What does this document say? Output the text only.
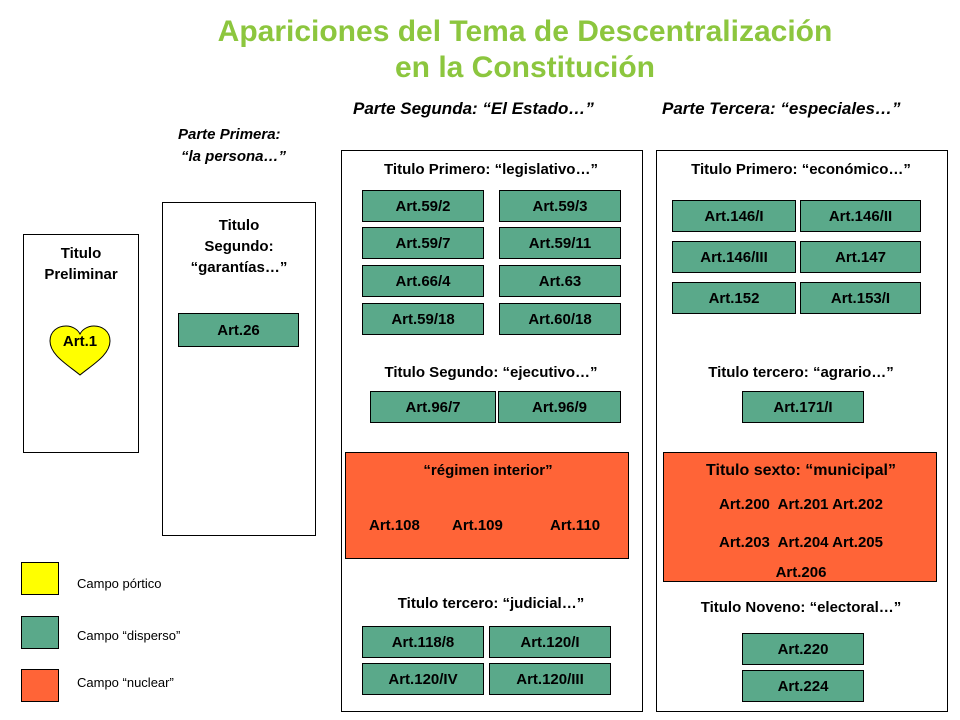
Apariciones del Tema de Descentralización
en la Constitución
Parte Segunda: “El Estado…”	Parte Tercera: “especiales…”
Parte Primera:
“la persona…”
Titulo
Preliminar
Art.1
Titulo
Segundo:
“garantías…”
Art.26
Titulo Primero: “legislativo…”
Art.59/2	Art.59/3
Art.59/7	Art.59/11
Art.66/4	Art.63
Art.59/18	Art.60/18
Titulo Segundo: “ejecutivo…”
Art.96/7	Art.96/9
“régimen interior”
Art.108 Art.109	Art.110
Titulo tercero: “judicial…”
Art.118/8	Art.120/I
Art.120/IV	Art.120/III
Titulo Primero: “económico…”
Art.146/I	Art.146/II
Art.146/III	Art.147
Art.152	Art.153/I
Titulo tercero: “agrario…”
Art.171/I
Titulo sexto: “municipal”
Art.200  Art.201 Art.202
Art.203  Art.204 Art.205
Art.206
Titulo Noveno: “electoral…”
Art.220
Art.224
Campo pórtico
Campo “disperso”
Campo “nuclear”
